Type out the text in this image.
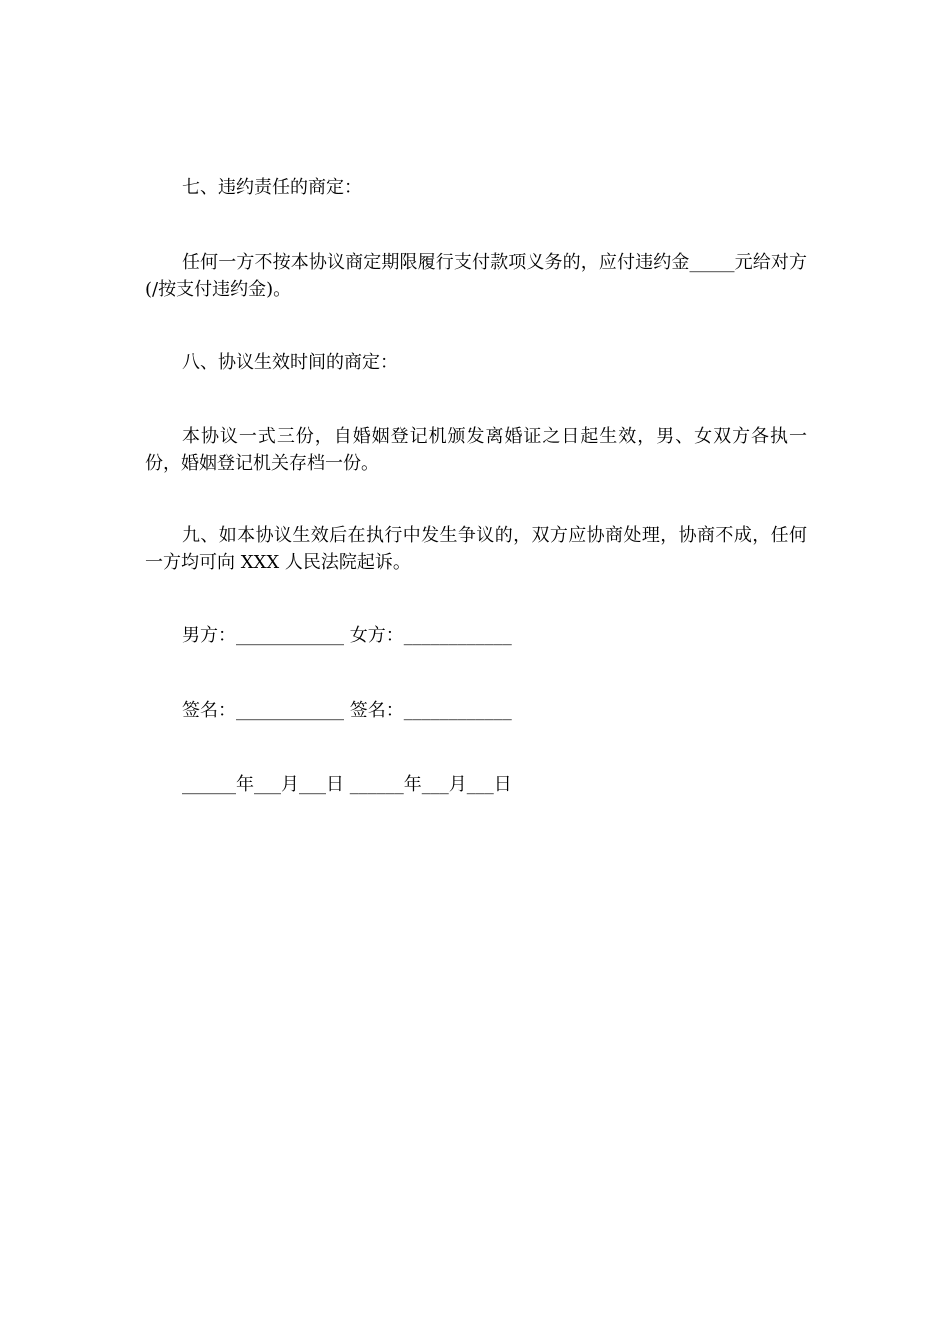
七、违约责任的商定：
任何一方不按本协议商定期限履行支付款项义务的，应付违约金_____元给对方(/按支付违约金)。
八、协议生效时间的商定：
本协议一式三份，自婚姻登记机颁发离婚证之日起生效，男、女双方各执一份，婚姻登记机关存档一份。
九、如本协议生效后在执行中发生争议的，双方应协商处理，协商不成，任何一方均可向 XXX 人民法院起诉。
男方：____________ 女方：____________
签名：____________ 签名：____________
______年___月___日 ______年___月___日
